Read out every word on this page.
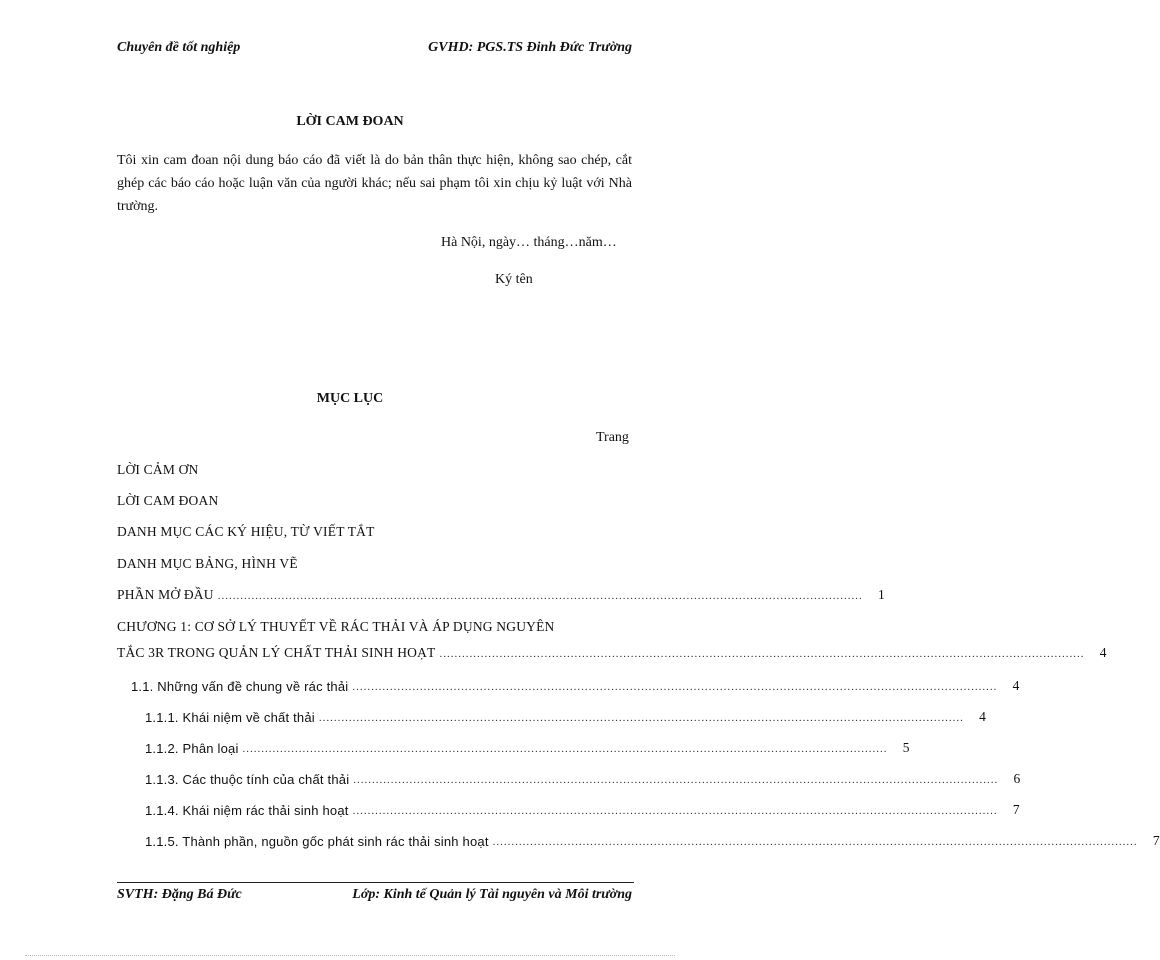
Chuyên đề tốt nghiệp	GVHD: PGS.TS Đinh Đức Trường
LỜI CAM ĐOAN
Tôi xin cam đoan nội dung báo cáo đã viết là do bản thân thực hiện, không sao chép, cắt ghép các báo cáo hoặc luận văn của người khác; nếu sai phạm tôi xin chịu kỷ luật với Nhà trường.
Hà Nội, ngày… tháng…năm…
Ký tên
MỤC LỤC
Trang
LỜI CẢM ƠN
LỜI CAM ĐOAN
DANH MỤC CÁC KÝ HIỆU, TỪ VIẾT TẮT
DANH MỤC BẢNG, HÌNH VẼ
PHẦN MỞ ĐẦU ............................................................................................................................................................................	1
CHƯƠNG 1: CƠ SỞ LÝ THUYẾT VỀ RÁC THẢI VÀ ÁP DỤNG NGUYÊN
TẮC 3R TRONG QUẢN LÝ CHẤT THẢI SINH HOẠT ............................................................................................................................................................................	4
1.1. Những vấn đề chung về rác thải ............................................................................................................................................................................	4
1.1.1. Khái niệm về chất thải ............................................................................................................................................................................	4
1.1.2. Phân loại ............................................................................................................................................................................	5
1.1.3. Các thuộc tính của chất thải ............................................................................................................................................................................	6
1.1.4. Khái niệm rác thải sinh hoạt ............................................................................................................................................................................	7
1.1.5. Thành phần, nguồn gốc phát sinh rác thải sinh hoạt ............................................................................................................................................................................	7
SVTH: Đặng Bá Đức	Lớp: Kinh tế Quản lý Tài nguyên và Môi trường
